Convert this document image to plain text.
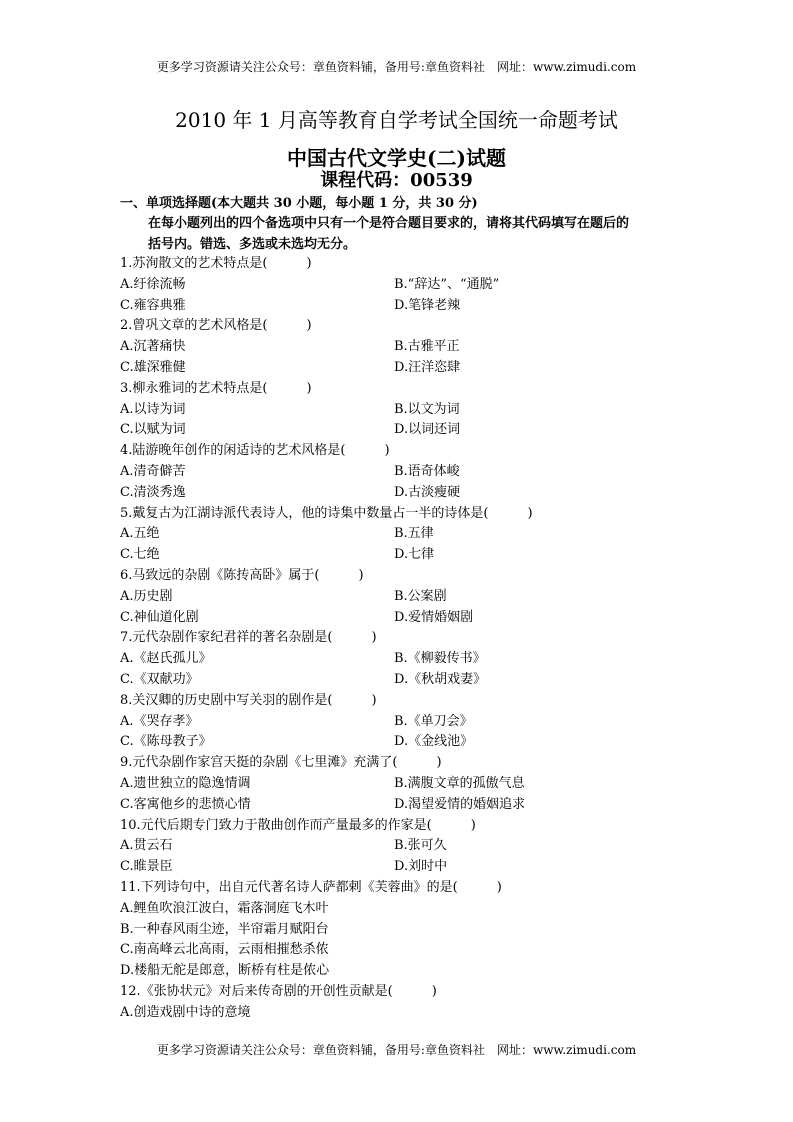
更多学习资源请关注公众号：章鱼资料铺，备用号:章鱼资料社　网址：www.zimudi.com
2010 年 1 月高等教育自学考试全国统一命题考试
中国古代文学史(二)试题
课程代码：00539
一、单项选择题(本大题共 30 小题，每小题 1 分，共 30 分)
在每小题列出的四个备选项中只有一个是符合题目要求的，请将其代码填写在题后的
括号内。错选、多选或未选均无分。
1.苏洵散文的艺术特点是(　　　)
A.纡徐流畅	B.“辞达”、“通脱”
C.雍容典雅	D.笔锋老辣
2.曾巩文章的艺术风格是(　　　)
A.沉著痛快	B.古雅平正
C.雄深雅健	D.汪洋恣肆
3.柳永雅词的艺术特点是(　　　)
A.以诗为词	B.以文为词
C.以赋为词	D.以词还词
4.陆游晚年创作的闲适诗的艺术风格是(　　　)
A.清奇僻苦	B.语奇体峻
C.清淡秀逸	D.古淡瘦硬
5.戴复古为江湖诗派代表诗人，他的诗集中数量占一半的诗体是(　　　)
A.五绝	B.五律
C.七绝	D.七律
6.马致远的杂剧《陈抟高卧》属于(　　　)
A.历史剧	B.公案剧
C.神仙道化剧	D.爱情婚姻剧
7.元代杂剧作家纪君祥的著名杂剧是(　　　)
A.《赵氏孤儿》	B.《柳毅传书》
C.《双献功》	D.《秋胡戏妻》
8.关汉卿的历史剧中写关羽的剧作是(　　　)
A.《哭存孝》	B.《单刀会》
C.《陈母教子》	D.《金线池》
9.元代杂剧作家宫天挺的杂剧《七里滩》充满了(　　　)
A.遗世独立的隐逸情调	B.满腹文章的孤傲气息
C.客寓他乡的悲愤心情	D.渴望爱情的婚姻追求
10.元代后期专门致力于散曲创作而产量最多的作家是(　　　)
A.贯云石	B.张可久
C.睢景臣	D.刘时中
11.下列诗句中，出自元代著名诗人萨都剌《芙蓉曲》的是(　　　)
A.鲤鱼吹浪江波白，霜落洞庭飞木叶
B.一种春风雨尘迹，半帘霜月赋阳台
C.南高峰云北高雨，云雨相摧愁杀侬
D.楼船无舵是郎意，断桥有柱是侬心
12.《张协状元》对后来传奇剧的开创性贡献是(　　　)
A.创造戏剧中诗的意境
更多学习资源请关注公众号：章鱼资料铺，备用号:章鱼资料社　网址：www.zimudi.com
